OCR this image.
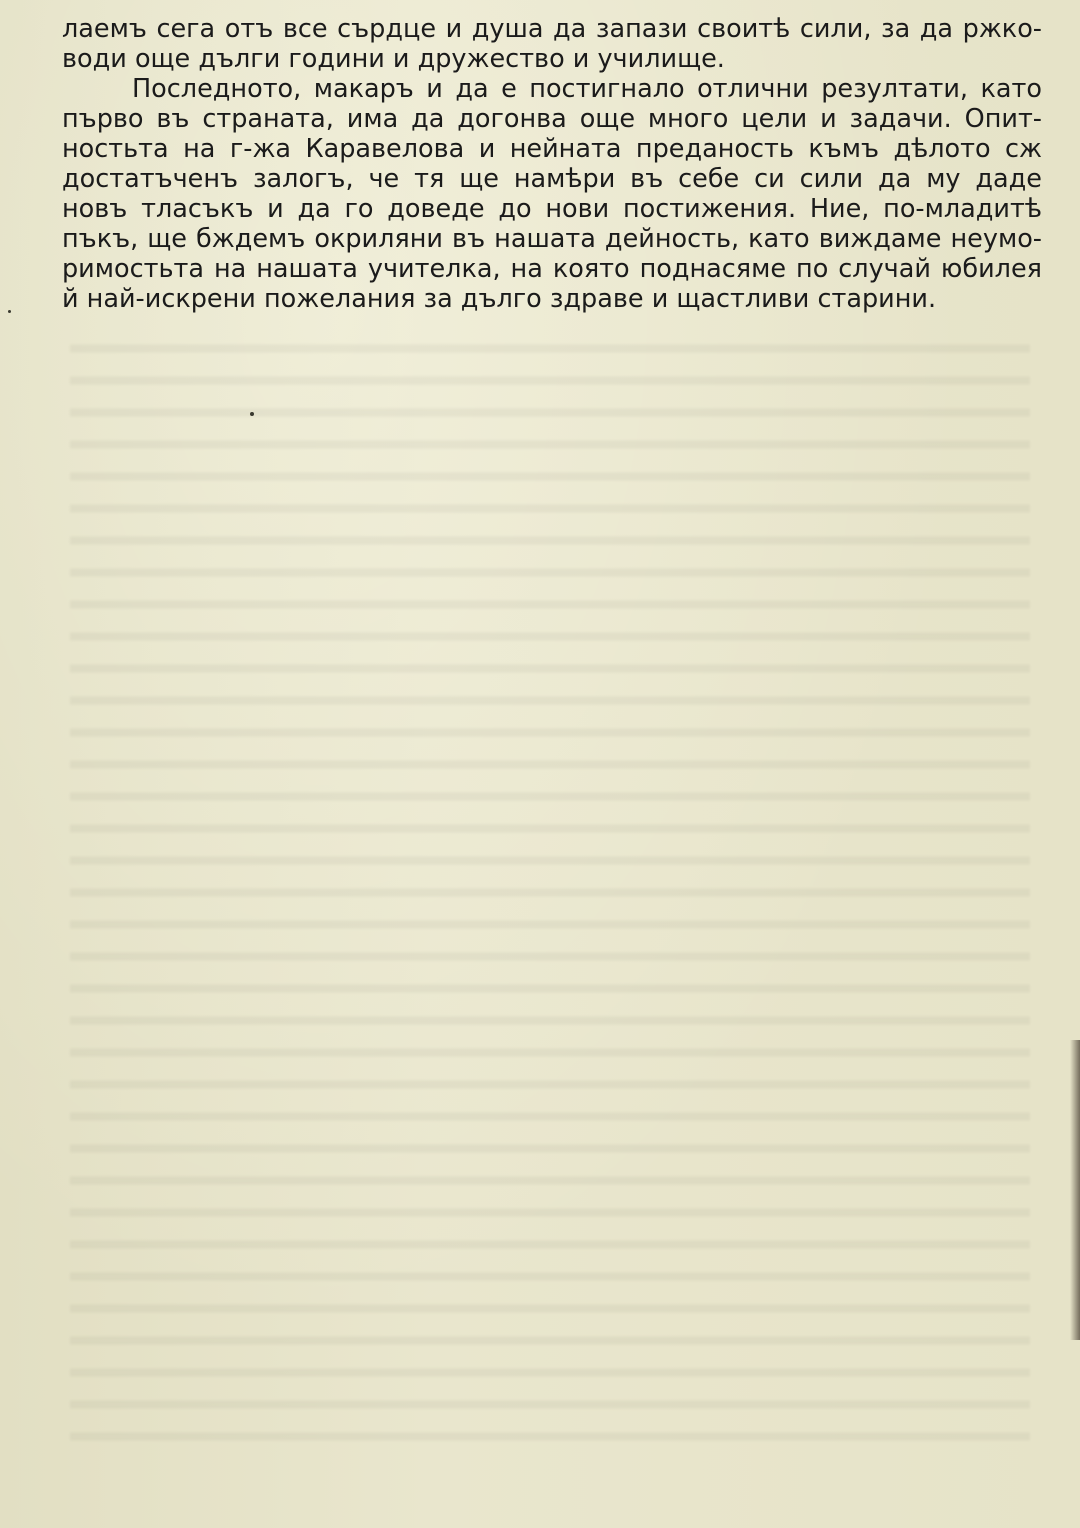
лаемъ сега отъ все сърдце и душа да запази своитѣ сили, за да ржко-
води още дълги години и дружество и училище.
Последното, макаръ и да е постигнало отлични резултати, като
първо въ страната, има да догонва още много цели и задачи. Опит-
ностьта на г-жа Каравелова и нейната преданость къмъ дѣлото сж
достатъченъ залогъ, че тя ще намѣри въ себе си сили да му даде
новъ тласъкъ и да го доведе до нови постижения. Ние, по-младитѣ
пъкъ, ще бждемъ окриляни въ нашата дейность, като виждаме неумо-
римостьта на нашата учителка, на която поднасяме по случай юбилея
й най-искрени пожелания за дълго здраве и щастливи старини.
